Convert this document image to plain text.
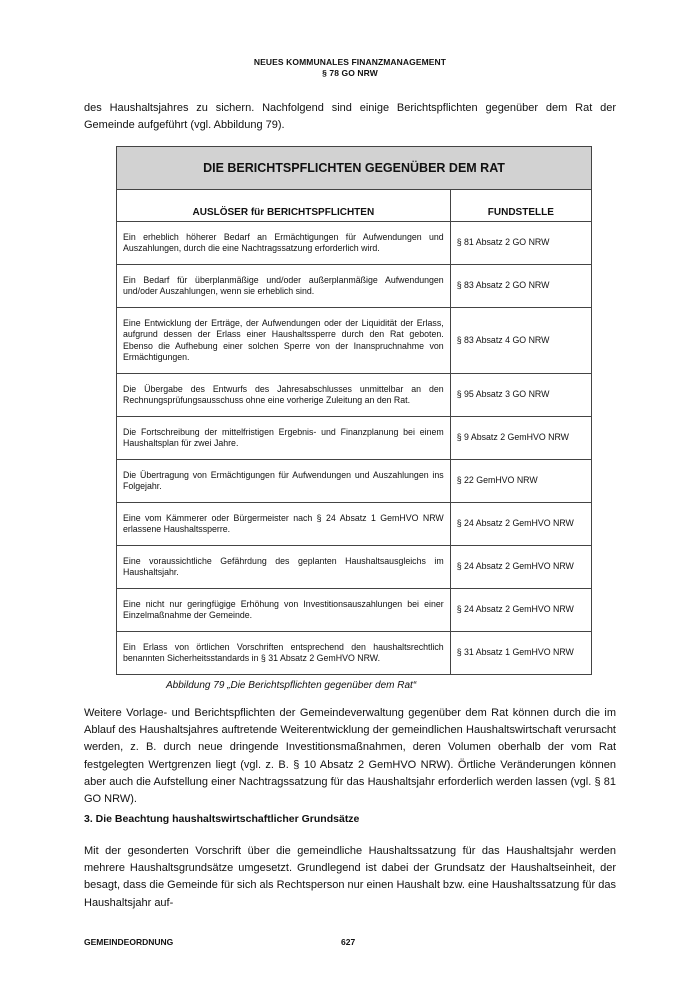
NEUES KOMMUNALES FINANZMANAGEMENT
§ 78 GO NRW
des Haushaltsjahres zu sichern. Nachfolgend sind einige Berichtspflichten gegenüber dem Rat der Gemeinde aufgeführt (vgl. Abbildung 79).
DIE BERICHTSPFLICHTEN GEGENÜBER DEM RAT	
AUSLÖSER für BERICHTSPFLICHTEN	FUNDSTELLE
Ein erheblich höherer Bedarf an Ermächtigungen für Aufwendungen und Auszahlungen, durch die eine Nachtragssatzung erforderlich wird.	§ 81 Absatz 2 GO NRW
Ein Bedarf für überplanmäßige und/oder außerplanmäßige Aufwendungen und/oder Auszahlungen, wenn sie erheblich sind.	§ 83 Absatz 2 GO NRW
Eine Entwicklung der Erträge, der Aufwendungen oder der Liquidität der Erlass, aufgrund dessen der Erlass einer Haushaltssperre durch den Rat geboten. Ebenso die Aufhebung einer solchen Sperre von der Inanspruchnahme von Ermächtigungen.	§ 83 Absatz 4 GO NRW
Die Übergabe des Entwurfs des Jahresabschlusses unmittelbar an den Rechnungsprüfungsausschuss ohne eine vorherige Zuleitung an den Rat.	§ 95 Absatz 3 GO NRW
Die Fortschreibung der mittelfristigen Ergebnis- und Finanzplanung bei einem Haushaltsplan für zwei Jahre.	§ 9 Absatz 2 GemHVO NRW
Die Übertragung von Ermächtigungen für Aufwendungen und Auszahlungen ins Folgejahr.	§ 22 GemHVO NRW
Eine vom Kämmerer oder Bürgermeister nach § 24 Absatz 1 GemHVO NRW erlassene Haushaltssperre.	§ 24 Absatz 2 GemHVO NRW
Eine voraussichtliche Gefährdung des geplanten Haushaltsausgleichs im Haushaltsjahr.	§ 24 Absatz 2 GemHVO NRW
Eine nicht nur geringfügige Erhöhung von Investitionsauszahlungen bei einer Einzelmaßnahme der Gemeinde.	§ 24 Absatz 2 GemHVO NRW
Ein Erlass von örtlichen Vorschriften entsprechend den haushaltsrechtlich benannten Sicherheitsstandards in § 31 Absatz 2 GemHVO NRW.	§ 31 Absatz 1 GemHVO NRW
Abbildung 79 „Die Berichtspflichten gegenüber dem Rat“
Weitere Vorlage- und Berichtspflichten der Gemeindeverwaltung gegenüber dem Rat können durch die im Ablauf des Haushaltsjahres auftretende Weiterentwicklung der gemeindlichen Haushaltswirtschaft verursacht werden, z. B. durch neue dringende Investitionsmaßnahmen, deren Volumen oberhalb der vom Rat festgelegten Wertgrenzen liegt (vgl. z. B. § 10 Absatz 2 GemHVO NRW). Örtliche Veränderungen können aber auch die Aufstellung einer Nachtragssatzung für das Haushaltsjahr erforderlich werden lassen (vgl. § 81 GO NRW).
3. Die Beachtung haushaltswirtschaftlicher Grundsätze
Mit der gesonderten Vorschrift über die gemeindliche Haushaltssatzung für das Haushaltsjahr werden mehrere Haushaltsgrundsätze umgesetzt. Grundlegend ist dabei der Grundsatz der Haushaltseinheit, der besagt, dass die Gemeinde für sich als Rechtsperson nur einen Haushalt bzw. eine Haushaltssatzung für das Haushaltsjahr auf-
GEMEINDEORDNUNG	627
